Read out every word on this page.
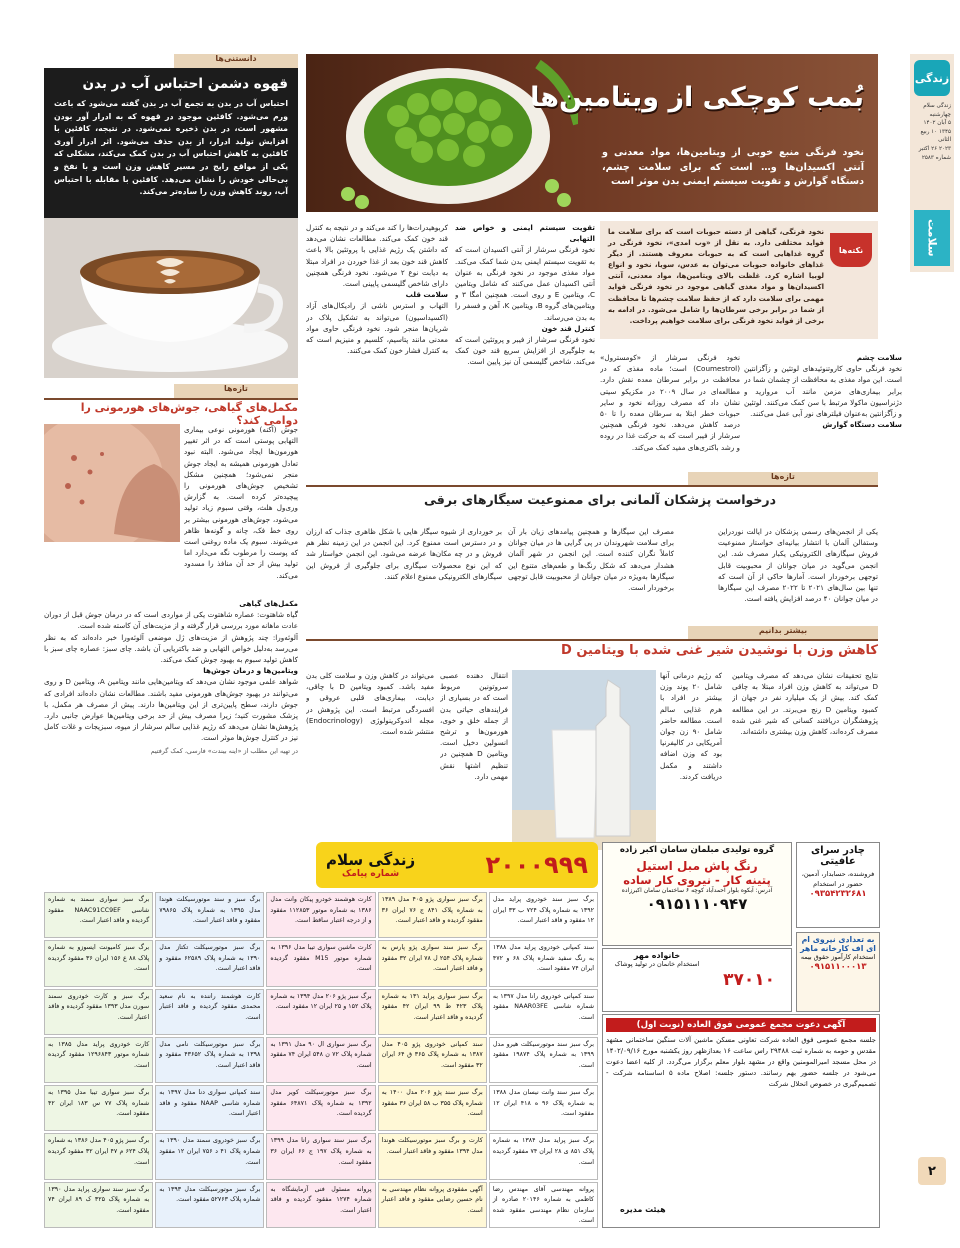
زندگی
زندگی سلام
چهارشنبه
۵ آبان ۱۴۰۲
۱۳۴۵ ۱۰ ربیع الثانی
۲۰۲۳ ۲۶ اکتبر
شماره ۲۵۸۳
سلامت
۲
بُمب کوچکی از ویتامین‌ها
نخود فرنگی منبع خوبی از ویتامین‌ها، مواد معدنی و آنتی اکسیدان‌ها و… است که برای سلامت چشم، دستگاه گوارش و تقویت سیستم ایمنی بدن موثر است
نکته‌ها
نخود فرنگی، گیاهی از دسته حبوبات است که برای سلامت ما فواید مختلفی دارد. به نقل از «وب امدی»، نخود فرنگی در گروه غذاهایی است که به حبوبات معروف هستند. از دیگر غذاهای خانواده حبوبات می‌توان به عدس، سویا، نخود و انواع لوبیا اشاره کرد. غلظت بالای ویتامین‌ها، مواد معدنی، آنتی اکسیدان‌ها و مواد مغذی گیاهی موجود در نخود فرنگی فواید مهمی برای سلامت دارد که از حفظ سلامت چشم‌ها تا محافظت از شما در برابر برخی سرطان‌ها را شامل می‌شود. در ادامه به برخی از فواید نخود فرنگی برای سلامت خواهیم پرداخت.
سلامت چشم
نخود فرنگی حاوی کاروتنوئیدهای لوتئین و زآگزانتین است. این مواد مغذی به محافظت از چشمان شما در برابر بیماری‌های مزمن مانند آب مروارید و دژنراسیون ماکولا مرتبط با سن کمک می‌کنند. لوتئین و زآگزانتین به‌عنوان فیلترهای نور آبی عمل می‌کنند.
سلامت دستگاه گوارش
نخود فرنگی سرشار از «کومسترول» (Coumestrol) است؛ ماده مغذی که در محافظت در برابر سرطان معده نقش دارد. مطالعه‌ای در سال ۲۰۰۹ در مکزیکو سیتی نشان داد که مصرف روزانه نخود و سایر حبوبات خطر ابتلا به سرطان معده را تا ۵۰ درصد کاهش می‌دهد. نخود فرنگی همچنین سرشار از فیبر است که به حرکت غذا در روده و رشد باکتری‌های مفید کمک می‌کند.
تقویت سیستم ایمنی و خواص ضد التهابی
نخود فرنگی سرشار از آنتی اکسیدان است که به تقویت سیستم ایمنی بدن شما کمک می‌کند. مواد مغذی موجود در نخود فرنگی به عنوان آنتی اکسیدان عمل می‌کنند که شامل ویتامین C، ویتامین E و روی است. همچنین امگا ۳ و ویتامین‌های گروه B، ویتامین K، آهن و فسفر را به بدن می‌رساند.
کنترل قند خون
نخود فرنگی سرشار از فیبر و پروتئین است که به جلوگیری از افزایش سریع قند خون کمک می‌کند. شاخص گلیسمی آن نیز پایین است.
کربوهیدرات‌ها را کند می‌کند و در نتیجه به کنترل قند خون کمک می‌کند. مطالعات نشان می‌دهد که داشتن یک رژیم غذایی با پروتئین بالا باعث کاهش قند خون بعد از غذا خوردن در افراد مبتلا به دیابت نوع ۲ می‌شود. نخود فرنگی همچنین دارای شاخص گلیسمی پایینی است.
سلامت قلب
التهاب و استرس ناشی از رادیکال‌های آزاد (اکسیداسیون) می‌تواند به تشکیل پلاک در شریان‌ها منجر شود. نخود فرنگی حاوی مواد معدنی مانند پتاسیم، کلسیم و منیزیم است که به کنترل فشار خون کمک می‌کنند.
دانستنی‌ها
قهوه دشمن احتباس آب در بدن
احتباس آب در بدن به تجمع آب در بدن گفته می‌شود که باعث ورم می‌شود. کافئین موجود در قهوه که به ادرار آور بودن مشهور است، در بدن ذخیره نمی‌شود. در نتیجه، کافئین با افزایش تولید ادرار، از بدن حذف می‌شود. اثر ادرار آوری کافئین به کاهش احتباس آب در بدن کمک می‌کند، مشکلی که یکی از مواقع رایج در مسیر کاهش وزن است و با نفخ و بی‌حالی خودش را نشان می‌دهد. کافئین با مقابله با احتباس آب، روند کاهش وزن را ساده‌تر می‌کند.
تازه‌ها
مکمل‌های گیاهی، جوش‌های هورمونی را دوامی کند؟
جوش (آکنه) هورمونی نوعی بیماری التهابی پوستی است که در اثر تغییر هورمون‌ها ایجاد می‌شود. البته نبود تعادل هورمونی همیشه به ایجاد جوش منجر نمی‌شود؛ همچنین مشکل تشخیص جوش‌های هورمونی را پیچیده‌تر کرده است. به گزارش وری‌ول هلث، وقتی سبوم زیاد تولید می‌شود، جوش‌های هورمونی بیشتر بر روی خط فک، چانه و گونه‌ها ظاهر می‌شوند. سبوم یک ماده روغنی است که پوست را مرطوب نگه می‌دارد اما تولید بیش از حد آن منافذ را مسدود می‌کند.
مکمل‌های گیاهی
گیاه شاهتوت: عصاره شاهتوت یکی از مواردی است که در درمان جوش قبل از دوران عادت ماهانه مورد بررسی قرار گرفته و از مزیت‌های آن کاسته شده است.
آلوئه‌ورا: چند پژوهش از مزیت‌های ژل موضعی آلوئه‌ورا خبر داده‌اند که به نظر می‌رسد به‌دلیل خواص التهابی و ضد باکتریایی آن باشد. چای سبز: عصاره چای سبز با کاهش تولید سبوم به بهبود جوش کمک می‌کند.
ویتامین‌ها و درمان جوش‌ها
شواهد علمی موجود نشان می‌دهد که ویتامین‌هایی مانند ویتامین A، ویتامین D و روی می‌توانند در بهبود جوش‌های هورمونی مفید باشند. مطالعات نشان داده‌اند افرادی که جوش دارند، سطح پایین‌تری از این ویتامین‌ها دارند. پیش از مصرف هر مکمل، با پزشک مشورت کنید؛ زیرا مصرف بیش از حد برخی ویتامین‌ها عوارض جانبی دارد. پژوهش‌ها نشان می‌دهد که رژیم غذایی سالم سرشار از میوه، سبزیجات و غلات کامل نیز در کنترل جوش‌ها موثر است.
در تهیه این مطلب از «اینه بیندت» فارسی، کمک گرفتیم
تازه‌ها
درخواست پزشکان آلمانی برای ممنوعیت سیگارهای برقی
یکی از انجمن‌های رسمی پزشکان در ایالت نوردراین وستفالن آلمان با انتشار بیانیه‌ای خواستار ممنوعیت فروش سیگارهای الکترونیکی یکبار مصرف شد. این انجمن می‌گوید در میان جوانان از محبوبیت قابل توجهی برخوردار است. آمارها حاکی از آن است که تنها بین سال‌های ۲۰۲۱ تا ۲۰۲۲ مصرف این سیگارها در میان جوانان ۴۰ درصد افزایش یافته است.
مصرف این سیگارها و همچنین پیامدهای زیان بار آن برای سلامت شهروندان در پی گرایی ها در میان جوانان کاملاً نگران کننده است. این انجمن در شهر آلمان هشدار می‌دهد که شکل رنگ‌ها و طعم‌های متنوع این سیگارها به‌ویژه در میان جوانان از محبوبیت قابل توجهی برخوردار است.
بر خورداری از شیوه سیگار هایی با شکل ظاهری جذاب که ارزان و در دسترس است ممنوع کرد. این انجمن در این زمینه نظر هم فروش و در چه مکان‌ها عرضه می‌شود. این انجمن خواستار شد که این نوع محصولات سیگاری برای جلوگیری از فروش این سیگارهای الکترونیکی ممنوع اعلام کنند.
بیشتر بدانیم
کاهش وزن با نوشیدن شیر غنی شده با ویتامین D
نتایج تحقیقات نشان می‌دهد که مصرف ویتامین D می‌تواند به کاهش وزن افراد مبتلا به چاقی کمک کند. بیش از یک میلیارد نفر در جهان از کمبود ویتامین D رنج می‌برند. در این مطالعه پژوهشگران دریافتند کسانی که شیر غنی شده مصرف کرده‌اند، کاهش وزن بیشتری داشته‌اند.
که رژیم درمانی آنها شامل ۲۰ پوند وزن بیشتر در افراد با هرم غذایی سالم است. مطالعه حاضر شامل ۹۰ زن جوان آمریکایی در کالیفرنیا بود که وزن اضافه داشتند و مکمل دریافت کردند.
انتقال دهنده عصبی سروتونین مربوط است که در بسیاری از فرایندهای حیاتی بدن از جمله خلق و خوی، هورمون‌ها و ترشح انسولین دخیل است. ویتامین D همچنین در تنظیم اشتها نقش مهمی دارد.
می‌تواند در کاهش وزن و سلامت کلی بدن مفید باشد. کمبود ویتامین D با چاقی، دیابت، بیماری‌های قلبی عروقی و افسردگی مرتبط است. این پژوهش در مجله اندوکرینولوژی (Endocrinology) منتشر شده است.
۲۰۰۰۹۹۹
زندگی سلام
شماره پیامک
گروه تولیدی مبلمان سامان اکبر زاده
رنگ پاش مبل استیل
پتینه کار - نیروی کار ساده
آدرس: آبکوه بلوار احمدآباد کوچه ۶ ساختمان سامان اکبرزاده
۰۹۱۵۱۱۱۰۹۴۷
چادر سرای عافیتی
فروشنده، حسابدار، آدمین، حضور در استخدام
۰۹۳۵۴۲۳۲۶۸۱
به تعدادی نیروی ام ای اف کارخانه ماهر
استخدام کارآموز حقوق بیمه
۰۹۱۵۱۱۰۰۰۱۳
۳۷۰۱۰
خانواده مهر
استخدام خانمان در تولید پوشاک
آگهی دعوت مجمع عمومی فوق العاده (نوبت اول)
جلسه مجمع عمومی فوق العاده شرکت تعاونی مسکن ماشین آلات سنگین ساختمانی مشهد مقدس و حومه به شماره ثبت ۲۹۴۸۸ راس ساعت ۱۶ بعدازظهر روز یکشنبه مورخ ۱۴۰۲/۰۹/۱۶ در محل مسجد امیرالمومنین واقع در مشهد بلوار معلم برگزار می‌گردد. از کلیه اعضا دعوت می‌شود در جلسه حضور بهم رسانند. دستور جلسه: اصلاح ماده ۵ اساسنامه شرکت - تصمیم‌گیری در خصوص انحلال شرکت
هیئت مدیره
برگ سبز سند خودروی پراید مدل ۱۳۹۲ به شماره پلاک ۷۲۴ ب ۳۳ ایران ۱۲ مفقود و فاقد اعتبار است.
برگ سبز سواری پژو ۴۰۵ مدل ۱۳۸۹ به شماره پلاک ۸۴۱ ج ۷۶ ایران ۳۶ مفقود گردیده و فاقد اعتبار است.
کارت هوشمند خودرو پیکان وانت مدل ۱۳۸۶ به شماره موتور ۱۱۲۸۵۳ مفقود و از درجه اعتبار ساقط است.
برگ سبز و سند موتورسیکلت هوندا مدل ۱۳۹۵ به شماره پلاک ۷۹۸۶۵ مفقود و فاقد اعتبار است.
برگ سبز سواری سمند به شماره شاسی NAAC91CC9EF مفقود گردیده و فاقد اعتبار است.
سند کمپانی خودروی پراید مدل ۱۳۸۸ به رنگ سفید شماره پلاک ۶۸ و ۴۷۲ ایران ۷۴ مفقود است.
برگ سبز سند سواری پژو پارس به شماره پلاک ۲۵۴ ل ۷۸ ایران ۳۲ مفقود و فاقد اعتبار است.
کارت ماشین سواری تیبا مدل ۱۳۹۶ به شماره موتور M15 مفقود گردیده است.
برگ سبز موتورسیکلت تکتاز مدل ۱۳۹۰ به شماره پلاک ۶۲۵۸۹ مفقود و فاقد اعتبار است.
برگ سبز کامیونت ایسوزو به شماره پلاک ۸۸ ع ۱۵۶ ایران ۳۶ مفقود گردیده است.
سند کمپانی خودروی رانا مدل ۱۳۹۷ به شماره شاسی NAAR03FE مفقود است.
برگ سبز سواری پراید ۱۳۱ به شماره پلاک ۴۲۳ ط ۹۹ ایران ۴۲ مفقود گردیده و فاقد اعتبار است.
برگ سبز پژو ۲۰۶ مدل ۱۳۹۴ به شماره پلاک ۱۵۲ و ۲۵ ایران ۱۲ مفقود است.
کارت هوشمند راننده به نام سعید محمدی مفقود گردیده و فاقد اعتبار است.
برگ سبز و کارت خودروی سمند سورن مدل ۱۳۹۳ مفقود گردیده و فاقد اعتبار است.
برگ سبز سند موتورسیکلت هیرو مدل ۱۳۹۹ به شماره پلاک ۱۹۸۷۴ مفقود است.
سند کمپانی خودروی پژو ۴۰۵ مدل ۱۳۸۷ به شماره پلاک ۳۶۵ ق ۶۴ ایران ۳۲ مفقود است.
برگ سبز سواری ال ۹۰ مدل ۱۳۹۱ به شماره پلاک ۷۲ ن ۵۴۸ ایران ۷۴ مفقود است.
برگ سبز موتورسیکلت نامی مدل ۱۳۹۸ به شماره پلاک ۴۳۶۵۲ مفقود و فاقد اعتبار است.
کارت خودروی پراید مدل ۱۳۸۵ به شماره موتور ۱۲۹۶۸۴۳ مفقود گردیده است.
برگ سبز سند وانت نیسان مدل ۱۳۸۸ به شماره پلاک ۹۶ ه ۴۱۸ ایران ۱۲ مفقود است.
برگ سبز سند پژو ۲۰۶ مدل ۱۴۰۰ به شماره پلاک ۳۵۵ ب ۵۸ ایران ۳۶ مفقود است.
برگ سبز موتورسیکلت کویر مدل ۱۳۹۲ به شماره پلاک ۶۴۸۷۱ مفقود گردیده است.
سند کمپانی سواری دنا مدل ۱۳۹۷ به شماره شاسی NAAP مفقود و فاقد اعتبار است.
برگ سبز سواری تیبا مدل ۱۳۹۵ به شماره پلاک ۷۷ س ۱۸۳ ایران ۴۲ مفقود است.
برگ سبز پراید مدل ۱۳۸۴ به شماره پلاک ۸۵۱ ی ۲۸ ایران ۷۴ مفقود گردیده است.
کارت و برگ سبز موتورسیکلت هوندا مدل ۱۳۹۴ مفقود و فاقد اعتبار است.
برگ سبز سند سواری رانا مدل ۱۳۹۹ به شماره پلاک ۱۹۷ ج ۶۶ ایران ۳۶ مفقود است.
برگ سبز خودروی سمند مدل ۱۳۹۰ به شماره پلاک ۴۱ د ۷۵۶ ایران ۱۲ مفقود است.
برگ سبز پژو ۴۰۵ مدل ۱۳۸۶ به شماره پلاک ۶۲۴ م ۴۷ ایران ۳۲ مفقود گردیده است.
پروانه مهندسی آقای مهندس رضا کاظمی به شماره ۲۰۱۴۶ صادره از سازمان نظام مهندسی مفقود شده است.
آگهی مفقودی پروانه نظام مهندسی به نام حسین رضایی مفقود و فاقد اعتبار است.
پروانه مسئول فنی آزمایشگاه به شماره ۱۲۷۴ مفقود گردیده و فاقد اعتبار است.
برگ سبز موتورسیکلت مدل ۱۳۹۳ به شماره پلاک ۵۲۷۶۳ مفقود است.
برگ سبز سند سواری پراید مدل ۱۳۹۰ به شماره پلاک ۳۲۵ ک ۸۹ ایران ۷۴ مفقود است.
